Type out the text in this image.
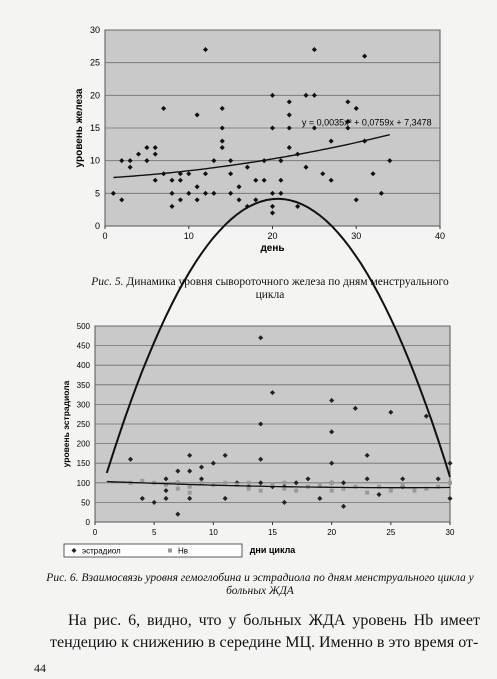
0
5
10
15
20
25
30
0	10	20	30	40
y = 0,0035x² + 0,0759x + 7,3478
день
уровень железа
Рис. 5. Динамика уровня сывороточного железа по дням менструального цикла
0
50
100
150
200
250
300
350
400
450
500
0	5	10	15	20	25	30
эстрадиол	Hв	дни цикла
уровень эстрадиола
Рис. 6. Взаимосвязь уровня гемоглобина и эстрадиола по дням менструального цикла у больных ЖДА

На рис. 6, видно, что у больных ЖДА уровень Hb имеет тендецию к снижению в середине МЦ. Именно в это время от-

44
